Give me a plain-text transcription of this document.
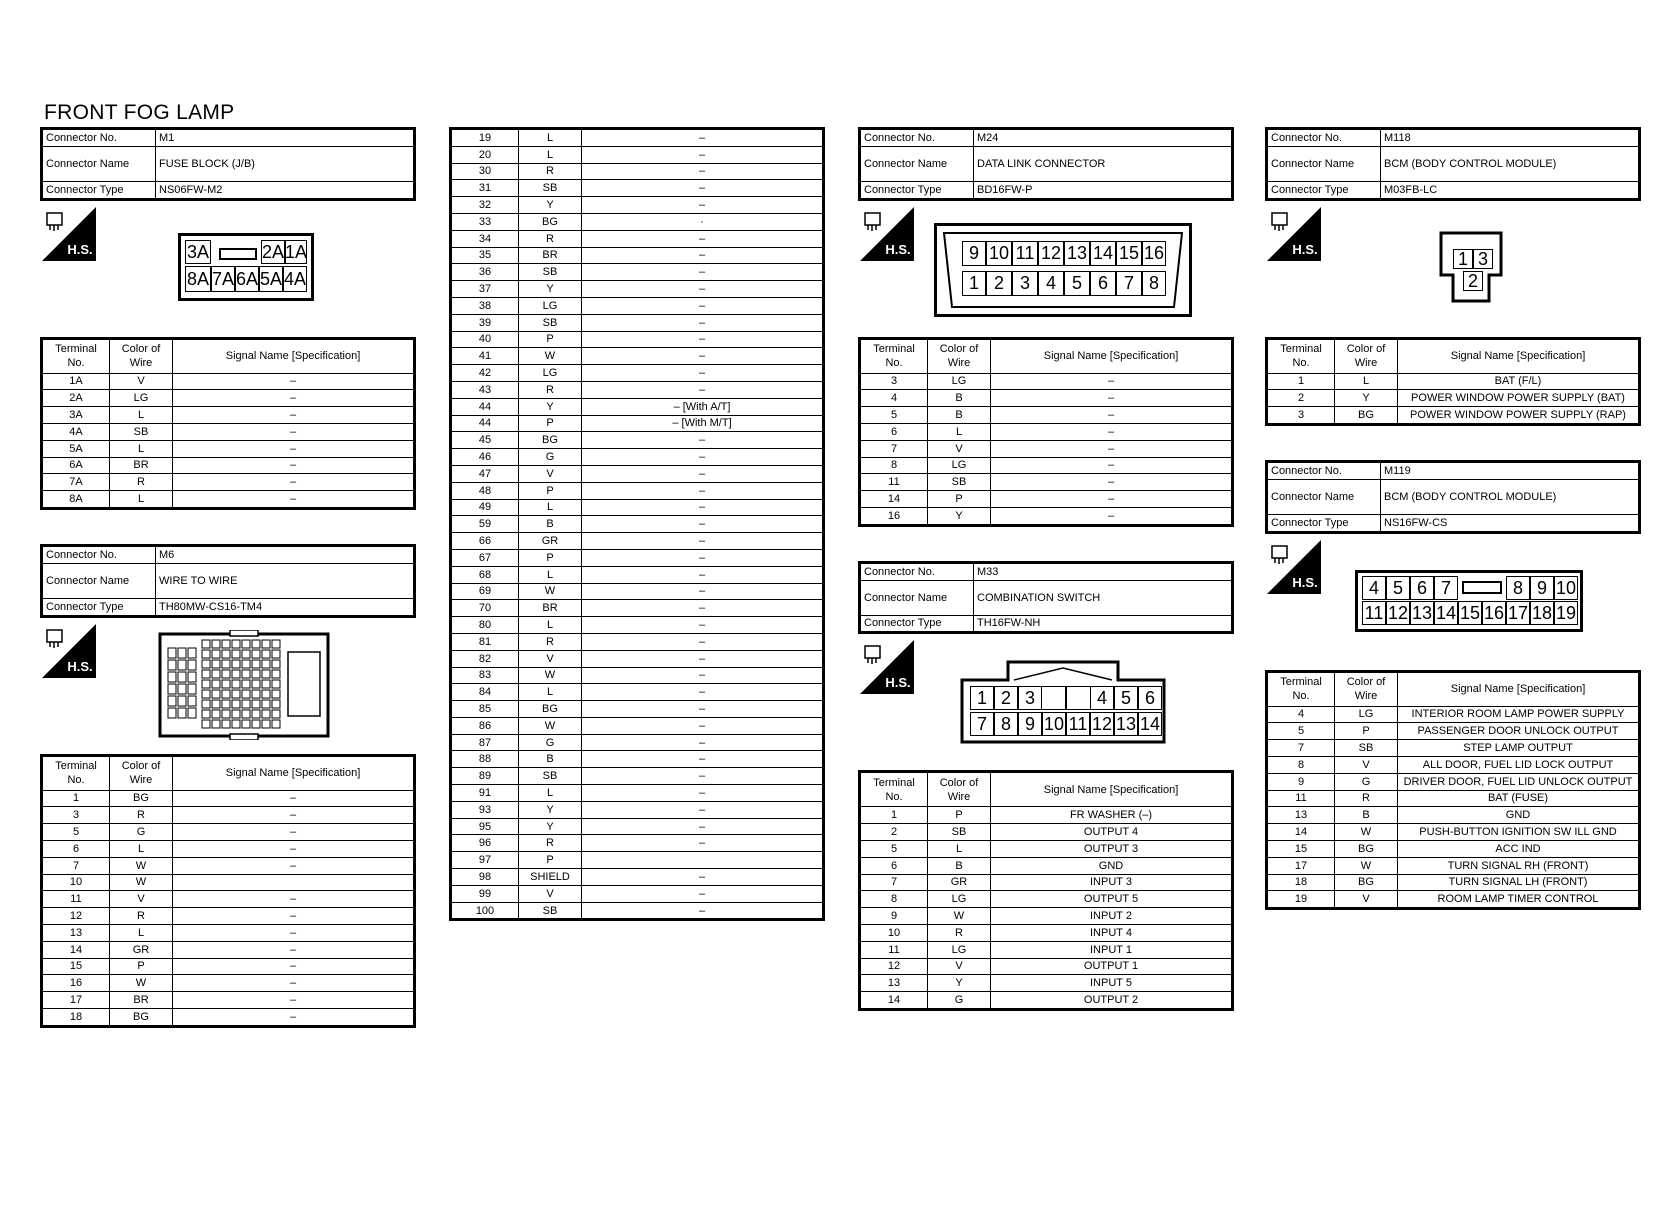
FRONT FOG LAMP
Connector No.	M1
Connector Name	FUSE BLOCK (J/B)
Connector Type	NS06FW-M2
H.S.	3A	2A 1A
8A 7A 6A 5A 4A
Terminal No.	Color of Wire	Signal Name [Specification]
1A	V	–
2A	LG	–
3A	L	–
4A	SB	–
5A	L	–
6A	BR	–
7A	R	–
8A	L	–
Connector No.	M6
Connector Name	WIRE TO WIRE
Connector Type	TH80MW-CS16-TM4
H.S.
Terminal No.	Color of Wire	Signal Name [Specification]
1	BG	–
3	R	–
5	G	–
6	L	–
7	W	–
10	W	
11	V	–
12	R	–
13	L	–
14	GR	–
15	P	–
16	W	–
17	BR	–
18	BG	–
19	L	–
20	L	–
30	R	–
31	SB	–
32	Y	–
33	BG	·
34	R	–
35	BR	–
36	SB	–
37	Y	–
38	LG	–
39	SB	–
40	P	–
41	W	–
42	LG	–
43	R	–
44	Y	– [With A/T]
44	P	– [With M/T]
45	BG	–
46	G	–
47	V	–
48	P	–
49	L	–
59	B	–
66	GR	–
67	P	–
68	L	–
69	W	–
70	BR	–
80	L	–
81	R	–
82	V	–
83	W	–
84	L	–
85	BG	–
86	W	–
87	G	–
88	B	–
89	SB	–
91	L	–
93	Y	–
95	Y	–
96	R	–
97	P	
98	SHIELD	–
99	V	–
100	SB	–
Connector No.	M24
Connector Name	DATA LINK CONNECTOR
Connector Type	BD16FW-P
H.S.	9 10 11 12 13 14 15 16
1 2 3 4 5 6 7 8
Terminal No.	Color of Wire	Signal Name [Specification]
3	LG	–
4	B	–
5	B	–
6	L	–
7	V	–
8	LG	–
11	SB	–
14	P	–
16	Y	–
Connector No.	M33
Connector Name	COMBINATION SWITCH
Connector Type	TH16FW-NH
H.S.
1 2 3	4 5 6
7 8 9 10 11 12 13 14
Terminal No.	Color of Wire	Signal Name [Specification]
1	P	FR WASHER (–)
2	SB	OUTPUT 4
5	L	OUTPUT 3
6	B	GND
7	GR	INPUT 3
8	LG	OUTPUT 5
9	W	INPUT 2
10	R	INPUT 4
11	LG	INPUT 1
12	V	OUTPUT 1
13	Y	INPUT 5
14	G	OUTPUT 2
Connector No.	M118
Connector Name	BCM (BODY CONTROL MODULE)
Connector Type	M03FB-LC
H.S.	1 3
2
Terminal No.	Color of Wire	Signal Name [Specification]
1	L	BAT (F/L)
2	Y	POWER WINDOW POWER SUPPLY (BAT)
3	BG	POWER WINDOW POWER SUPPLY (RAP)
Connector No.	M119
Connector Name	BCM (BODY CONTROL MODULE)
Connector Type	NS16FW-CS
H.S.	4 5 6 7	8 9 10
11 12 13 14 15 16 17 18 19
Terminal No.	Color of Wire	Signal Name [Specification]
4	LG	INTERIOR ROOM LAMP POWER SUPPLY
5	P	PASSENGER DOOR UNLOCK OUTPUT
7	SB	STEP LAMP OUTPUT
8	V	ALL DOOR, FUEL LID LOCK OUTPUT
9	G	DRIVER DOOR, FUEL LID UNLOCK OUTPUT
11	R	BAT (FUSE)
13	B	GND
14	W	PUSH-BUTTON IGNITION SW ILL GND
15	BG	ACC IND
17	W	TURN SIGNAL RH (FRONT)
18	BG	TURN SIGNAL LH (FRONT)
19	V	ROOM LAMP TIMER CONTROL
